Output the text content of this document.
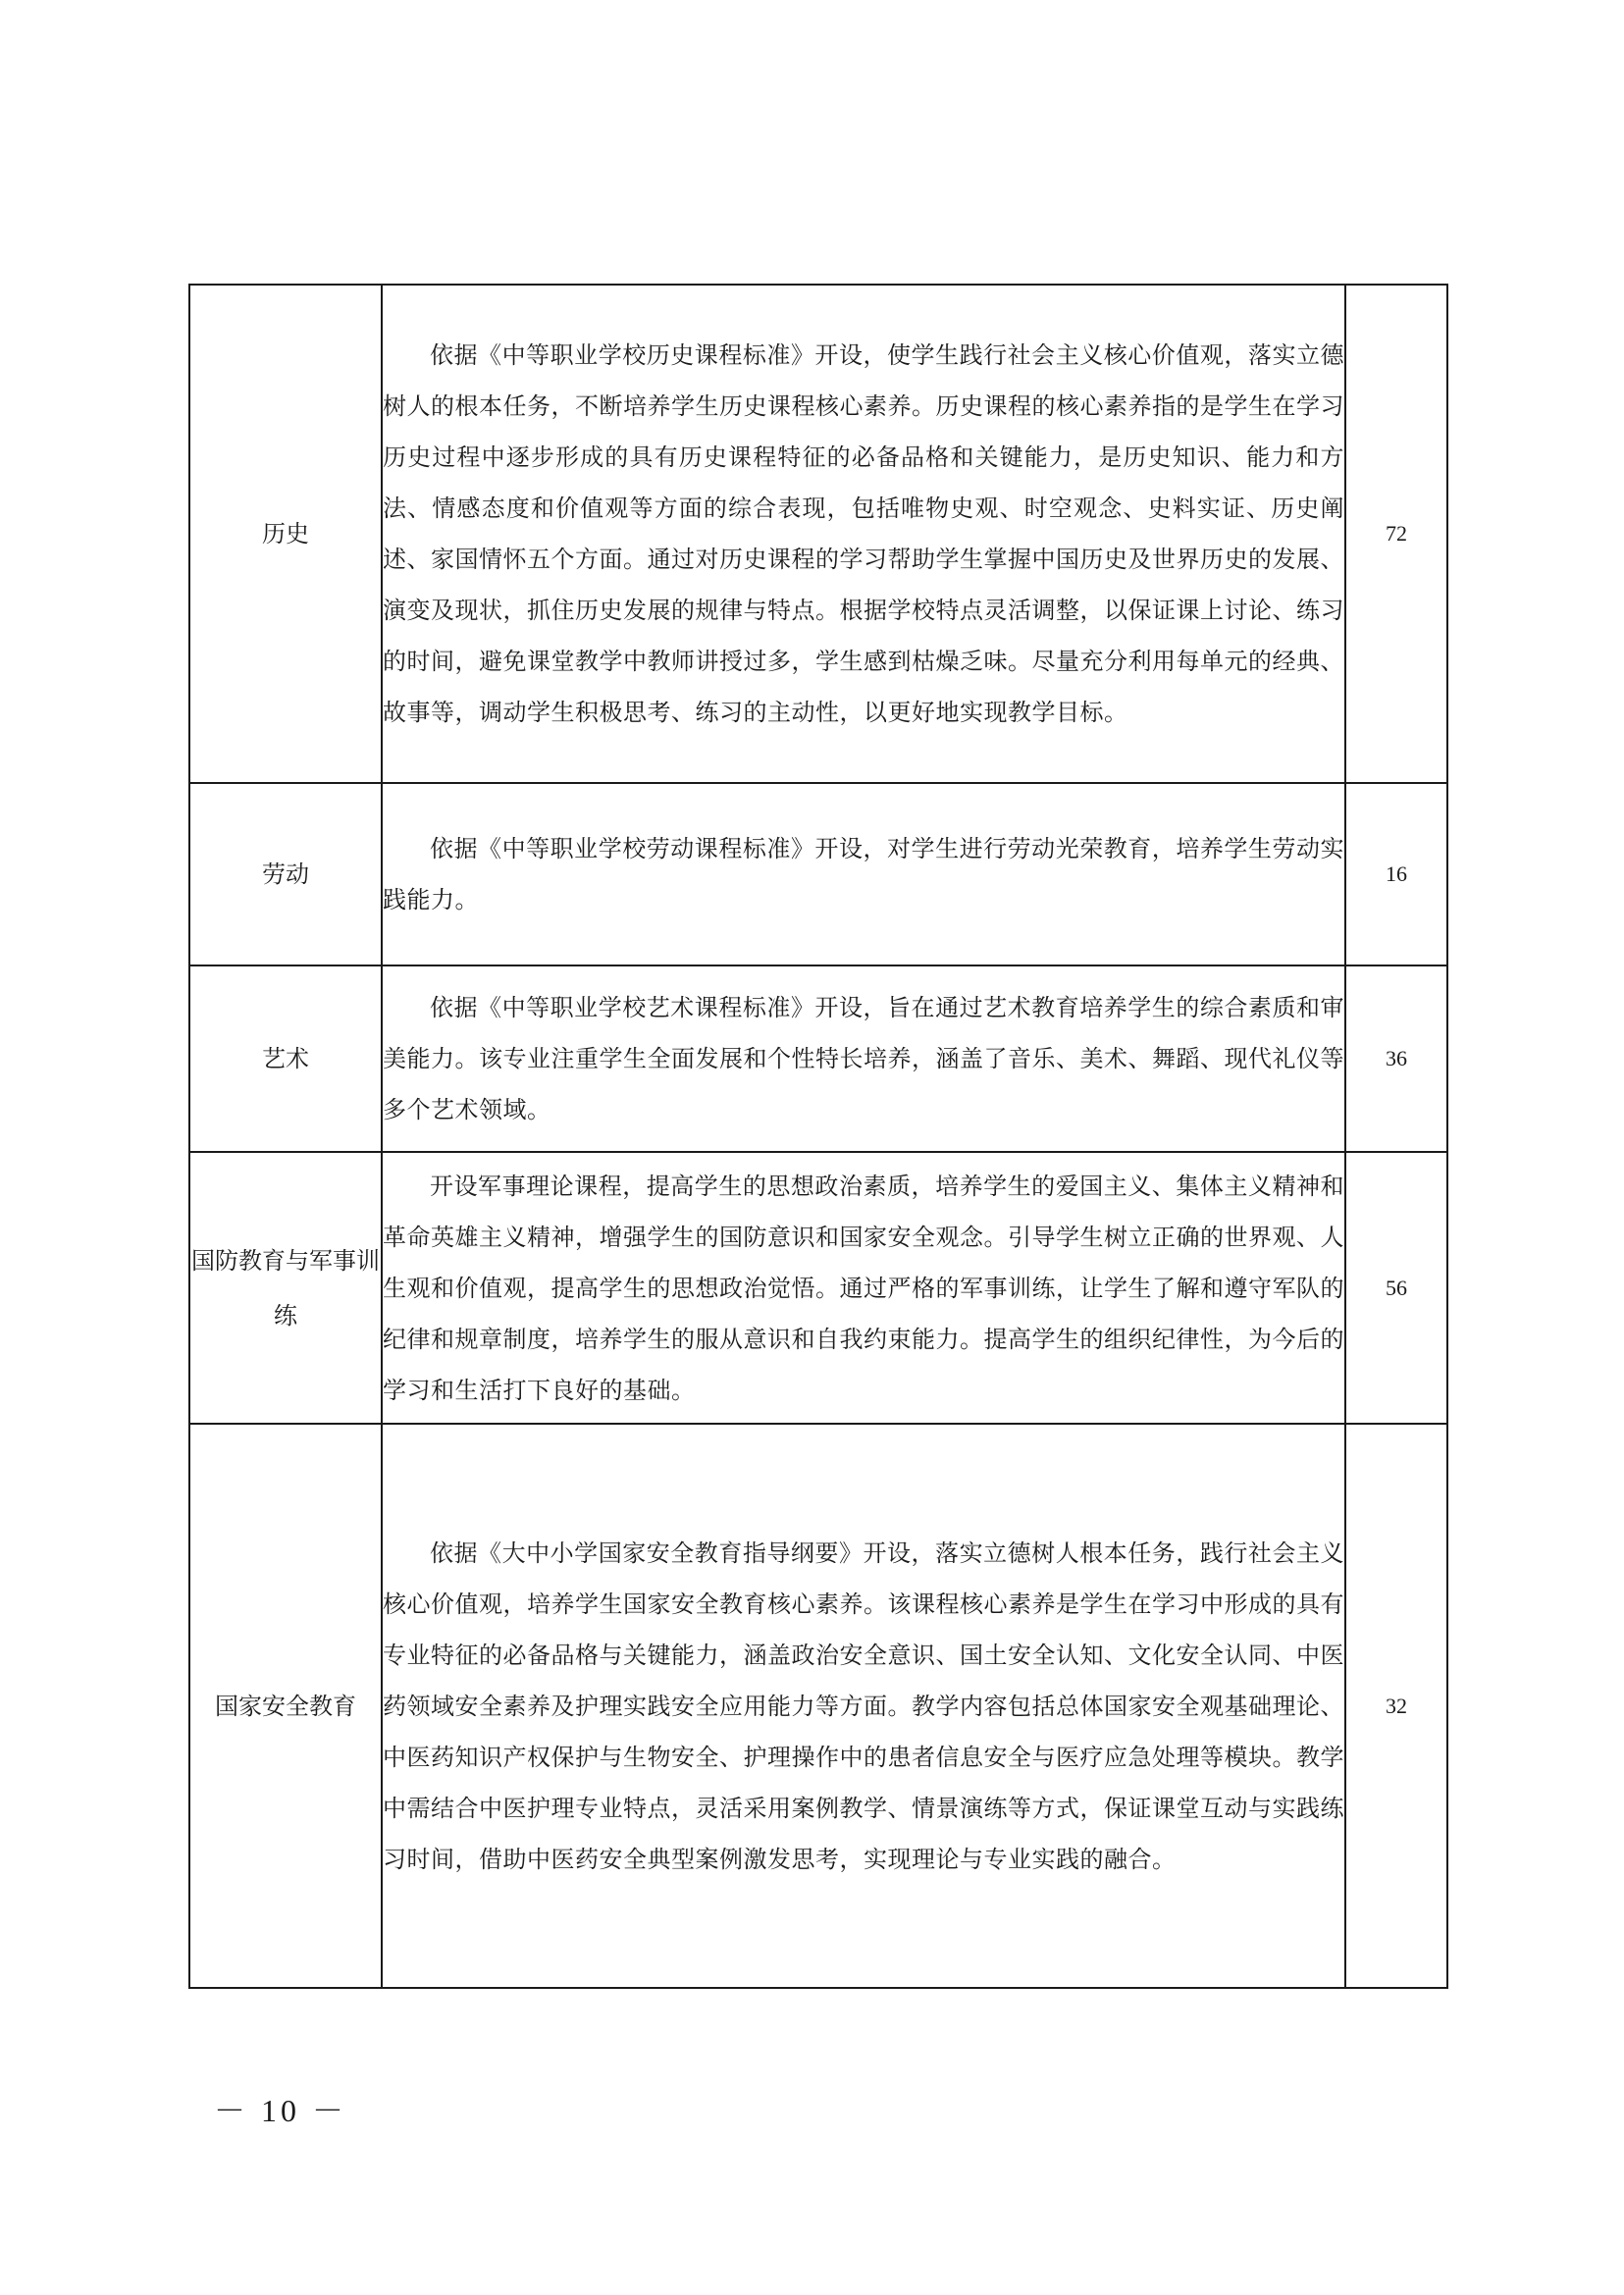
历史	依据《中等职业学校历史课程标准》开设，使学生践行社会主义核心价值观，落实立德树人的根本任务，不断培养学生历史课程核心素养。历史课程的核心素养指的是学生在学习历史过程中逐步形成的具有历史课程特征的必备品格和关键能力，是历史知识、能力和方法、情感态度和价值观等方面的综合表现，包括唯物史观、时空观念、史料实证、历史阐述、家国情怀五个方面。通过对历史课程的学习帮助学生掌握中国历史及世界历史的发展、演变及现状，抓住历史发展的规律与特点。根据学校特点灵活调整，以保证课上讨论、练习的时间，避免课堂教学中教师讲授过多，学生感到枯燥乏味。尽量充分利用每单元的经典、故事等，调动学生积极思考、练习的主动性，以更好地实现教学目标。	72
劳动	依据《中等职业学校劳动课程标准》开设，对学生进行劳动光荣教育，培养学生劳动实践能力。	16
艺术	依据《中等职业学校艺术课程标准》开设，旨在通过艺术教育培养学生的综合素质和审美能力。该专业注重学生全面发展和个性特长培养，涵盖了音乐、美术、舞蹈、现代礼仪等多个艺术领域。	36
国防教育与军事训练	开设军事理论课程，提高学生的思想政治素质，培养学生的爱国主义、集体主义精神和革命英雄主义精神，增强学生的国防意识和国家安全观念。引导学生树立正确的世界观、人生观和价值观，提高学生的思想政治觉悟。通过严格的军事训练，让学生了解和遵守军队的纪律和规章制度，培养学生的服从意识和自我约束能力。提高学生的组织纪律性，为今后的学习和生活打下良好的基础。	56
国家安全教育	依据《大中小学国家安全教育指导纲要》开设，落实立德树人根本任务，践行社会主义核心价值观，培养学生国家安全教育核心素养。该课程核心素养是学生在学习中形成的具有专业特征的必备品格与关键能力，涵盖政治安全意识、国土安全认知、文化安全认同、中医药领域安全素养及护理实践安全应用能力等方面。教学内容包括总体国家安全观基础理论、中医药知识产权保护与生物安全、护理操作中的患者信息安全与医疗应急处理等模块。教学中需结合中医护理专业特点，灵活采用案例教学、情景演练等方式，保证课堂互动与实践练习时间，借助中医药安全典型案例激发思考，实现理论与专业实践的融合。	32
－ 10 －
